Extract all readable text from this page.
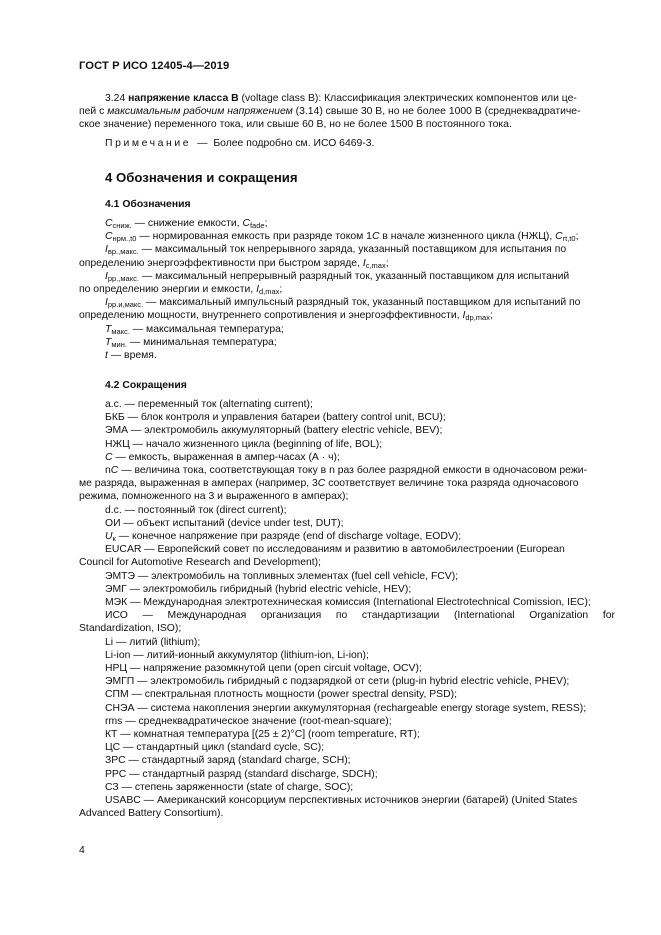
ГОСТ Р ИСО 12405-4—2019
3.24 напряжение класса B (voltage class B): Классификация электрических компонентов или це-
пей с максимальным рабочим напряжением (3.14) свыше 30 В, но не более 1000 В (среднеквадратиче-
ское значение) переменного тока, или свыше 60 В, но не более 1500 В постоянного тока.
Примечание — Более подробно см. ИСО 6469-3.
4 Обозначения и сокращения
4.1 Обозначения
$C_{сниж.}$ — снижение емкости, $C_{fade}$;
$C_{нрм.,t0}$ — нормированная емкость при разряде током 1C в начале жизненного цикла (НЖЦ), $C_{rt,t0}$;
$I_{вр.,макс.}$ — максимальный ток непрерывного заряда, указанный поставщиком для испытания по
определению энергоэффективности при быстром заряде, $I_{c,max}$;
$I_{рр.,макс.}$ — максимальный непрерывный разрядный ток, указанный поставщиком для испытаний
по определению энергии и емкости, $I_{d,max}$;
$I_{рр.и,макс.}$ — максимальный импульсный разрядный ток, указанный поставщиком для испытаний по
определению мощности, внутреннего сопротивления и энергоэффективности, $I_{dp,max}$;
$T_{макс.}$ — максимальная температура;
$T_{мин.}$ — минимальная температура;
t — время.
4.2 Сокращения
a.c. — переменный ток (alternating current);
БКБ — блок контроля и управления батареи (battery control unit, BCU);
ЭМА — электромобиль аккумуляторный (battery electric vehicle, BEV);
НЖЦ — начало жизненного цикла (beginning of life, BOL);
C — емкость, выраженная в ампер-часах (А · ч);
nC — величина тока, соответствующая току в n раз более разрядной емкости в одночасовом режи-
ме разряда, выраженная в амперах (например, 3C соответствует величине тока разряда одночасового
режима, помноженного на 3 и выраженного в амперах);
d.c. — постоянный ток (direct current);
ОИ — объект испытаний (device under test, DUT);
$U_к$ — конечное напряжение при разряде (end of discharge voltage, EODV);
EUCAR — Европейский совет по исследованиям и развитию в автомобилестроении (European
Council for Automotive Research and Development);
ЭМТЭ — электромобиль на топливных элементах (fuel cell vehicle, FCV);
ЭМГ — электромобиль гибридный (hybrid electric vehicle, HEV);
МЭК — Международная электротехническая комиссия (International Electrotechnical Comission, IEC);
ИСО — Международная организация по стандартизации (International Organization for
Standardization, ISO);
Li — литий (lithium);
Li-ion — литий-ионный аккумулятор (lithium-ion, Li-ion);
НРЦ — напряжение разомкнутой цепи (open circuit voltage, OCV);
ЭМГП — электромобиль гибридный с подзарядкой от сети (plug-in hybrid electric vehicle, PHEV);
СПМ — спектральная плотность мощности (power spectral density, PSD);
СНЭА — система накопления энергии аккумуляторная (rechargeable energy storage system, RESS);
rms — среднеквадратическое значение (root-mean-square);
КТ — комнатная температура [(25 ± 2)°C] (room temperature, RT);
ЦС — стандартный цикл (standard cycle, SC);
ЗРС — стандартный заряд (standard charge, SCH);
РРС — стандартный разряд (standard discharge, SDCH);
СЗ — степень заряженности (state of charge, SOC);
USABC — Американский консорциум перспективных источников энергии (батарей) (United States
Advanced Battery Consortium).
4
